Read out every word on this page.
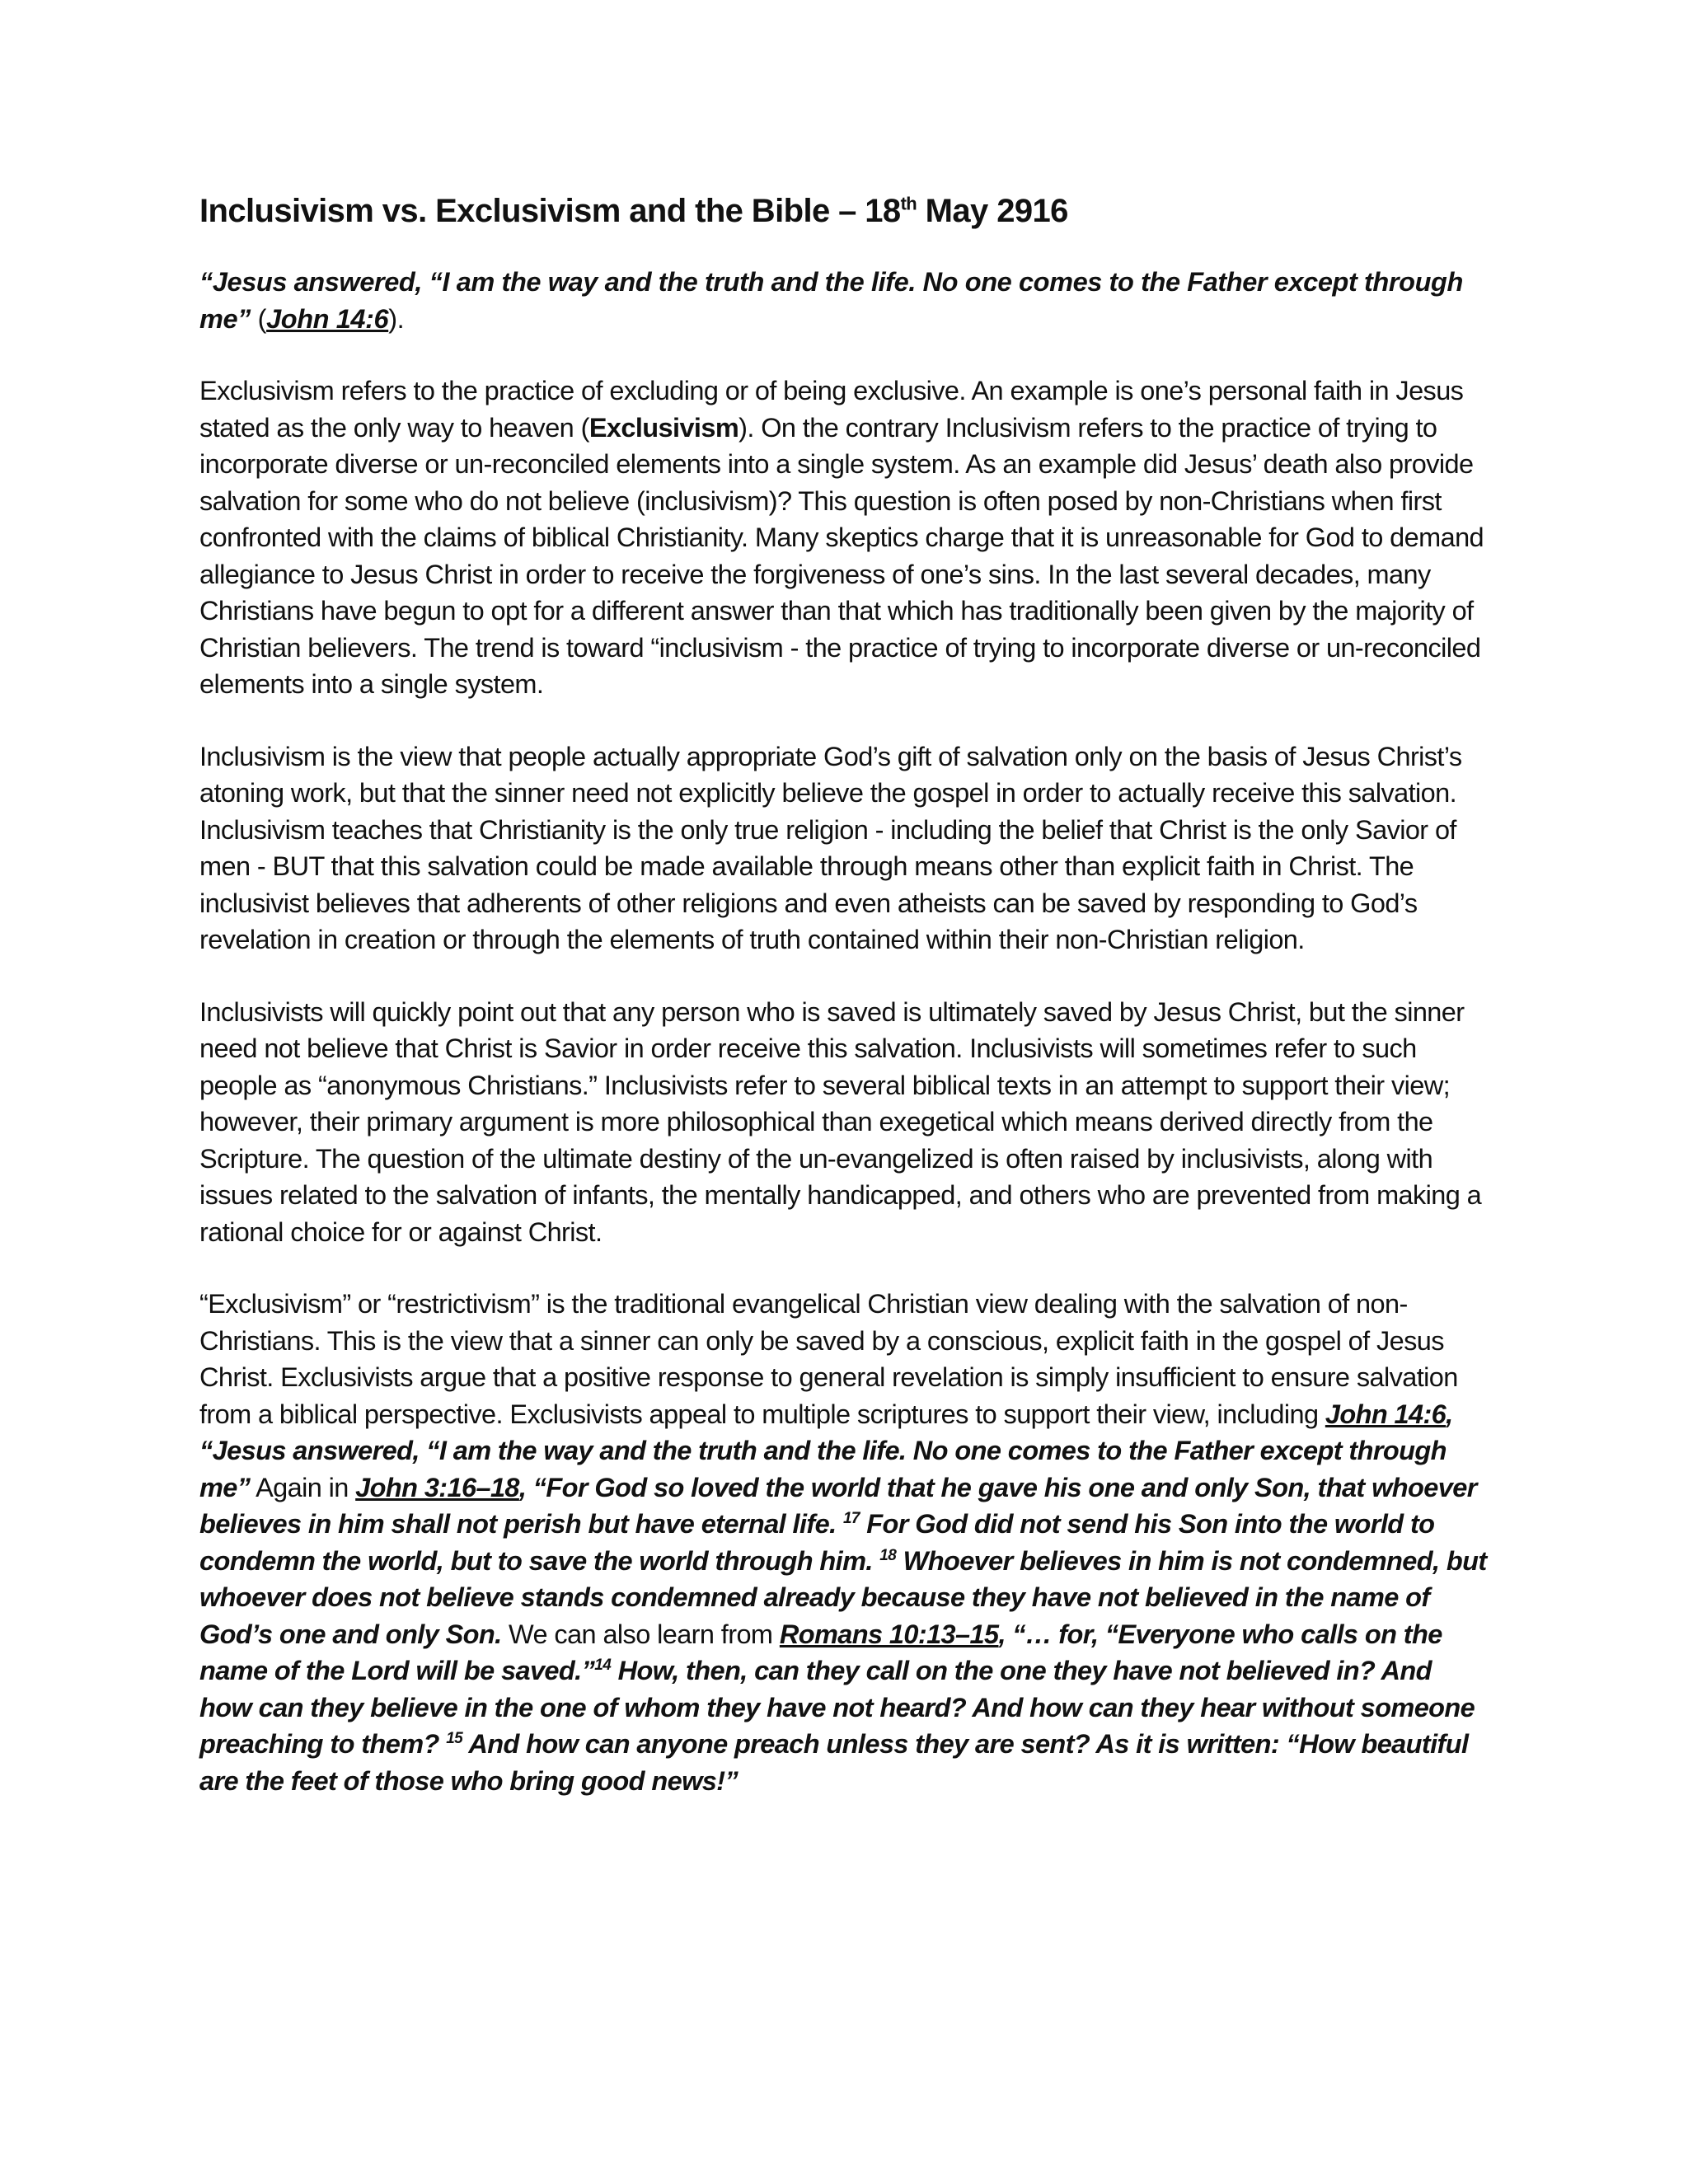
Inclusivism vs. Exclusivism and the Bible – 18th May 2916

“Jesus answered, “I am the way and the truth and the life. No one comes to the Father except through me” (John 14:6).

Exclusivism refers to the practice of excluding or of being exclusive. An example is one’s personal faith in Jesus stated as the only way to heaven (Exclusivism). On the contrary Inclusivism refers to the practice of trying to incorporate diverse or un-reconciled elements into a single system. As an example did Jesus’ death also provide salvation for some who do not believe (inclusivism)? This question is often posed by non-Christians when first confronted with the claims of biblical Christianity. Many skeptics charge that it is unreasonable for God to demand allegiance to Jesus Christ in order to receive the forgiveness of one’s sins. In the last several decades, many Christians have begun to opt for a different answer than that which has traditionally been given by the majority of Christian believers. The trend is toward “inclusivism - the practice of trying to incorporate diverse or un-reconciled elements into a single system.

Inclusivism is the view that people actually appropriate God’s gift of salvation only on the basis of Jesus Christ’s atoning work, but that the sinner need not explicitly believe the gospel in order to actually receive this salvation. Inclusivism teaches that Christianity is the only true religion - including the belief that Christ is the only Savior of men - BUT that this salvation could be made available through means other than explicit faith in Christ. The inclusivist believes that adherents of other religions and even atheists can be saved by responding to God’s revelation in creation or through the elements of truth contained within their non-Christian religion.

Inclusivists will quickly point out that any person who is saved is ultimately saved by Jesus Christ, but the sinner need not believe that Christ is Savior in order receive this salvation. Inclusivists will sometimes refer to such people as “anonymous Christians.” Inclusivists refer to several biblical texts in an attempt to support their view; however, their primary argument is more philosophical than exegetical which means derived directly from the Scripture. The question of the ultimate destiny of the un-evangelized is often raised by inclusivists, along with issues related to the salvation of infants, the mentally handicapped, and others who are prevented from making a rational choice for or against Christ.

“Exclusivism” or “restrictivism” is the traditional evangelical Christian view dealing with the salvation of non-Christians. This is the view that a sinner can only be saved by a conscious, explicit faith in the gospel of Jesus Christ. Exclusivists argue that a positive response to general revelation is simply insufficient to ensure salvation from a biblical perspective. Exclusivists appeal to multiple scriptures to support their view, including John 14:6, “Jesus answered, “I am the way and the truth and the life. No one comes to the Father except through me” Again in John 3:16–18, “For God so loved the world that he gave his one and only Son, that whoever believes in him shall not perish but have eternal life. $^{17}$ For God did not send his Son into the world to condemn the world, but to save the world through him. $^{18}$ Whoever believes in him is not condemned, but whoever does not believe stands condemned already because they have not believed in the name of God’s one and only Son. We can also learn from Romans 10:13–15, “… for, “Everyone who calls on the name of the Lord will be saved.”$^{14}$ How, then, can they call on the one they have not believed in? And how can they believe in the one of whom they have not heard? And how can they hear without someone preaching to them? $^{15}$ And how can anyone preach unless they are sent? As it is written: “How beautiful are the feet of those who bring good news!”
